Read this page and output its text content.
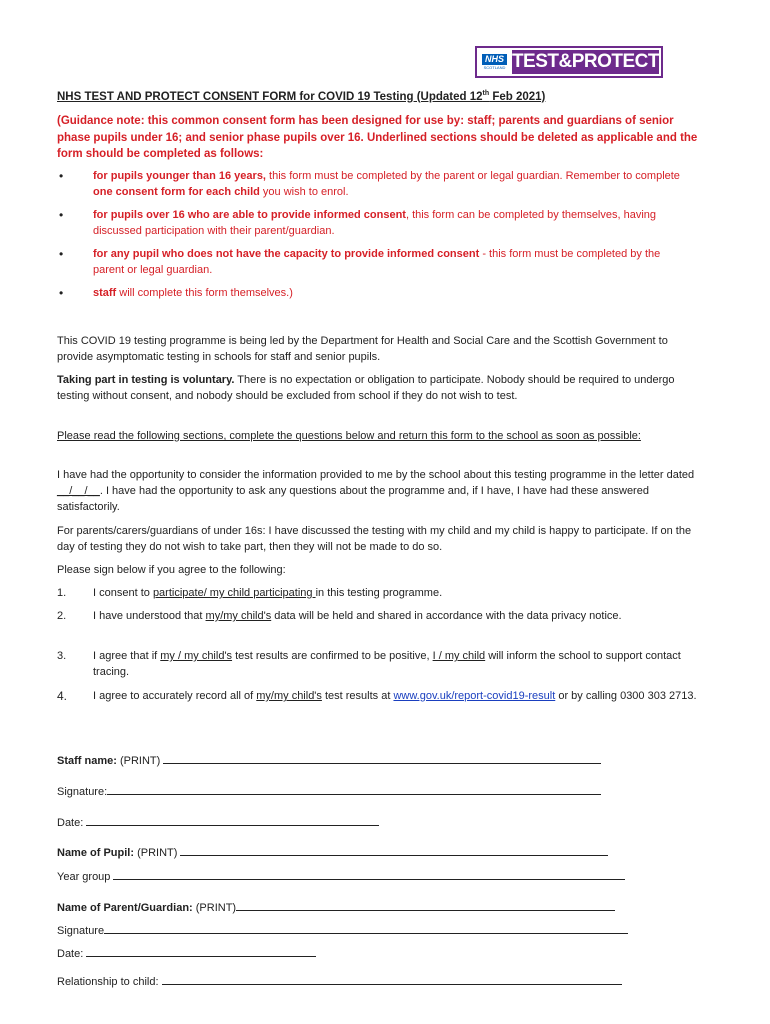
NHS
SCOTLAND TEST&PROTECT
NHS TEST AND PROTECT CONSENT FORM for COVID 19 Testing (Updated 12th Feb 2021)
(Guidance note: this common consent form has been designed for use by: staff; parents and guardians of senior phase pupils under 16; and senior phase pupils over 16. Underlined sections should be deleted as applicable and the form should be completed as follows:
•	for pupils younger than 16 years, this form must be completed by the parent or legal guardian. Remember to complete one consent form for each child you wish to enrol.
•	for pupils over 16 who are able to provide informed consent, this form can be completed by themselves, having discussed participation with their parent/guardian.
•	for any pupil who does not have the capacity to provide informed consent - this form must be completed by the parent or legal guardian.
•	staff will complete this form themselves.)
This COVID 19 testing programme is being led by the Department for Health and Social Care and the Scottish Government to provide asymptomatic testing in schools for staff and senior pupils.
Taking part in testing is voluntary. There is no expectation or obligation to participate. Nobody should be required to undergo testing without consent, and nobody should be excluded from school if they do not wish to test.
Please read the following sections, complete the questions below and return this form to the school as soon as possible:
I have had the opportunity to consider the information provided to me by the school about this testing programme in the letter dated __/__/__. I have had the opportunity to ask any questions about the programme and, if I have, I have had these answered satisfactorily.
For parents/carers/guardians of under 16s: I have discussed the testing with my child and my child is happy to participate. If on the day of testing they do not wish to take part, then they will not be made to do so.
Please sign below if you agree to the following:
1. I consent to participate/ my child participating in this testing programme.
2. I have understood that my/my child's data will be held and shared in accordance with the data privacy notice.
3. I agree that if my / my child's test results are confirmed to be positive, I / my child will inform the school to support contact tracing.
4. I agree to accurately record all of my/my child's test results at www.gov.uk/report-covid19-result or by calling 0300 303 2713.
Staff name: (PRINT)
Signature:
Date:
Name of Pupil: (PRINT)
Year group
Name of Parent/Guardian: (PRINT)
Signature
Date:
Relationship to child:
